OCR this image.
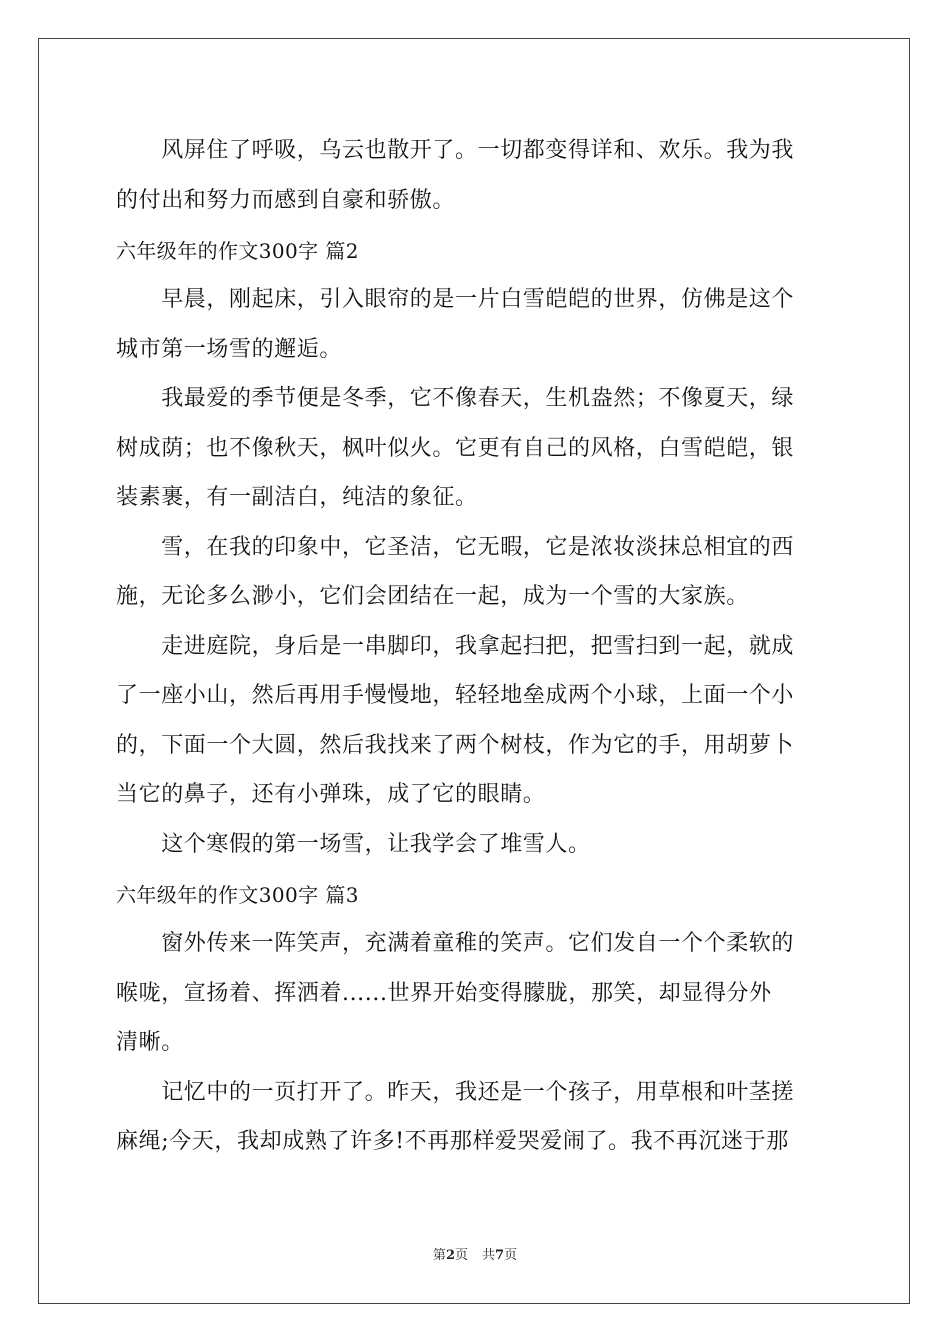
　　风屏住了呼吸，乌云也散开了。一切都变得详和、欢乐。我为我
的付出和努力而感到自豪和骄傲。
六年级年的作文300字 篇2
　　早晨，刚起床，引入眼帘的是一片白雪皑皑的世界，仿佛是这个
城市第一场雪的邂逅。
　　我最爱的季节便是冬季，它不像春天，生机盎然；不像夏天，绿
树成荫；也不像秋天，枫叶似火。它更有自己的风格，白雪皑皑，银
装素裹，有一副洁白，纯洁的象征。
　　雪，在我的印象中，它圣洁，它无暇，它是浓妆淡抹总相宜的西
施，无论多么渺小，它们会团结在一起，成为一个雪的大家族。
　　走进庭院，身后是一串脚印，我拿起扫把，把雪扫到一起，就成
了一座小山，然后再用手慢慢地，轻轻地垒成两个小球，上面一个小
的，下面一个大圆，然后我找来了两个树枝，作为它的手，用胡萝卜
当它的鼻子，还有小弹珠，成了它的眼睛。
　　这个寒假的第一场雪，让我学会了堆雪人。
六年级年的作文300字 篇3
　　窗外传来一阵笑声，充满着童稚的笑声。它们发自一个个柔软的
喉咙，宣扬着、挥洒着......世界开始变得朦胧，那笑，却显得分外
清晰。
　　记忆中的一页打开了。昨天，我还是一个孩子，用草根和叶茎搓
麻绳;今天，我却成熟了许多!不再那样爱哭爱闹了。我不再沉迷于那
第2页 共7页
